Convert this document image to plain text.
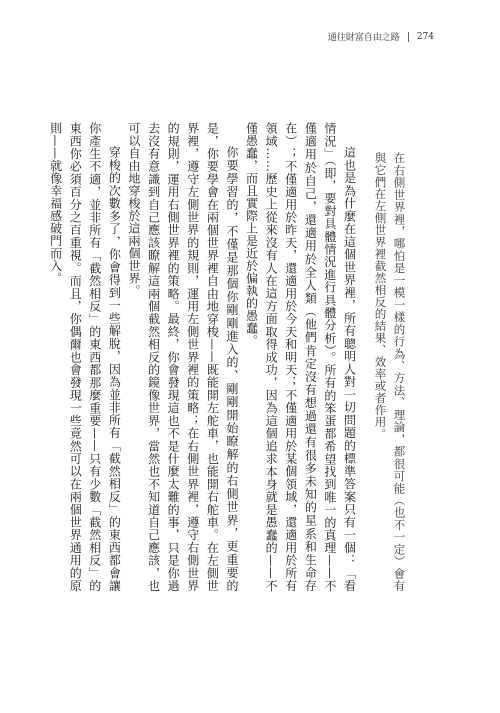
通往財富自由之路 274

在右側世界裡，哪怕是一模一樣的行為、方法、理論，都很可能（也不一定）會有與它們在左側世界裡截然相反的結果、效率或者作用。

這也是為什麼在這個世界裡，所有聰明人對一切問題的標準答案只有一個：「看情況」（即，要對具體情況進行具體分析）。所有的笨蛋都希望找到唯一的真理——不僅適用於自己，還適用於全人類（他們肯定沒有想過還有很多未知的星系和生命存在）；不僅適用於昨天，還適用於今天和明天；不僅適用於某個領域，還適用於所有領域……歷史上從來沒有人在這方面取得成功，因為這個追求本身就是愚蠢的——不僅愚蠢，而且實際上是近於偏執的愚蠢。

你要學習的，不僅是那個你剛剛進入的、剛剛開始瞭解的右側世界，更重要的是，你要學會在兩個世界裡自由地穿梭——既能開左舵車，也能開右舵車。在左側世界裡，遵守左側世界的規則，運用左側世界裡的策略；在右側世界裡，遵守右側世界的規則，運用右側世界裡的策略。最終，你會發現這也不是什麼太難的事，只是你過去沒有意識到自己應該瞭解這兩個截然相反的鏡像世界，當然也不知道自己應該，也可以自由地穿梭於這兩個世界。

穿梭的次數多了，你會得到一些解脫，因為並非所有「截然相反」的東西都會讓你產生不適，並非所有「截然相反」的東西都那麼重要——只有少數「截然相反」的東西你必須百分之百重視。而且，你偶爾也會發現一些竟然可以在兩個世界通用的原則——就像幸福感破門而入。
